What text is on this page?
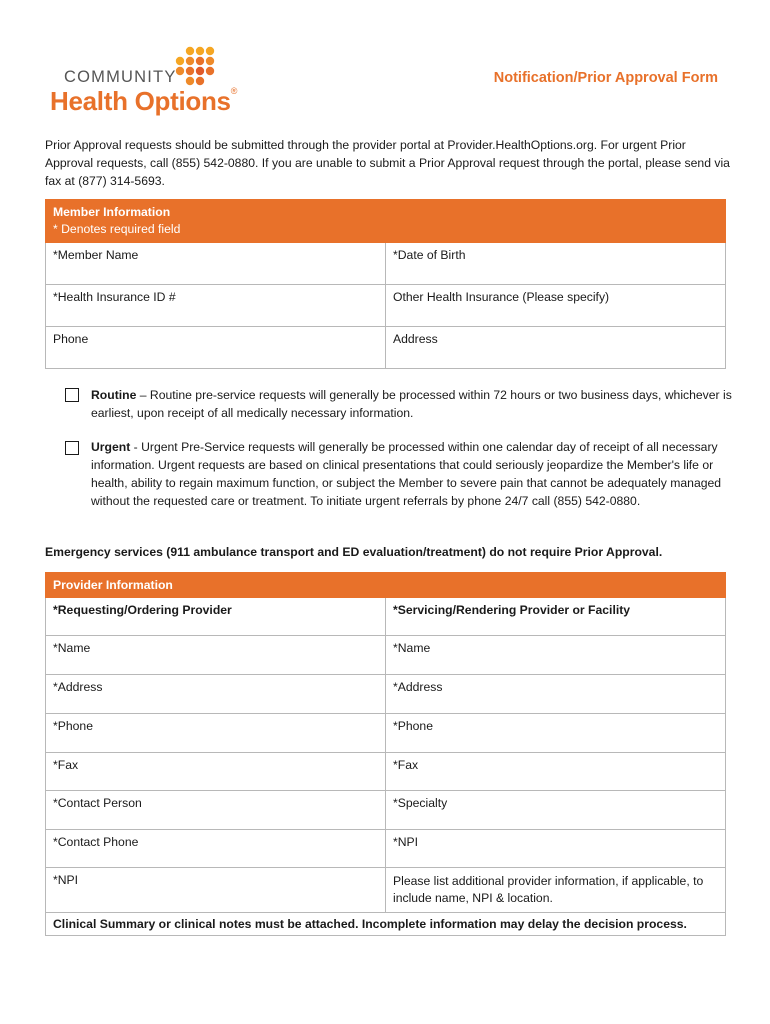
COMMUNITY
Health Options®
Notification/Prior Approval Form
Prior Approval requests should be submitted through the provider portal at Provider.HealthOptions.org. For urgent Prior Approval requests, call (855) 542-0880. If you are unable to submit a Prior Approval request through the portal, please send via fax at (877) 314-5693.
Member Information
* Denotes required field	

*Member Name	*Date of Birth
*Health Insurance ID #	Other Health Insurance (Please specify)
Phone	Address
Routine – Routine pre-service requests will generally be processed within 72 hours or two business days, whichever is earliest, upon receipt of all medically necessary information.
Urgent - Urgent Pre-Service requests will generally be processed within one calendar day of receipt of all necessary information. Urgent requests are based on clinical presentations that could seriously jeopardize the Member's life or health, ability to regain maximum function, or subject the Member to severe pain that cannot be adequately managed without the requested care or treatment. To initiate urgent referrals by phone 24/7 call (855) 542-0880.
Emergency services (911 ambulance transport and ED evaluation/treatment) do not require Prior Approval.
Provider Information	
*Requesting/Ordering Provider	*Servicing/Rendering Provider or Facility
*Name	*Name
*Address	*Address
*Phone	*Phone
*Fax	*Fax
*Contact Person	*Specialty
*Contact Phone	*NPI
*NPI	Please list additional provider information, if applicable, to include name, NPI & location.
Clinical Summary or clinical notes must be attached. Incomplete information may delay the decision process.	
